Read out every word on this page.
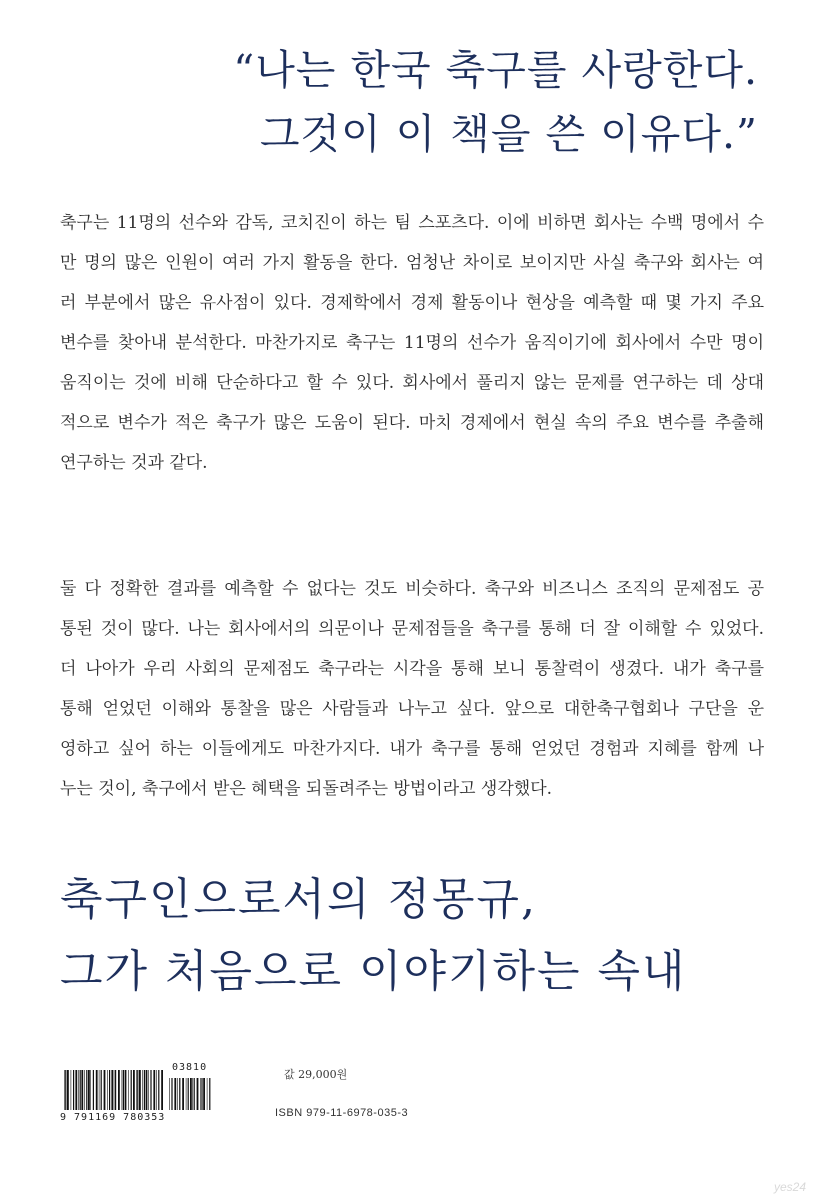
“나는 한국 축구를 사랑한다.
그것이 이 책을 쓴 이유다.”
축구는 11명의 선수와 감독, 코치진이 하는 팀 스포츠다. 이에 비하면 회사는 수백 명에서 수
만 명의 많은 인원이 여러 가지 활동을 한다. 엄청난 차이로 보이지만 사실 축구와 회사는 여
러 부분에서 많은 유사점이 있다. 경제학에서 경제 활동이나 현상을 예측할 때 몇 가지 주요
변수를 찾아내 분석한다. 마찬가지로 축구는 11명의 선수가 움직이기에 회사에서 수만 명이
움직이는 것에 비해 단순하다고 할 수 있다. 회사에서 풀리지 않는 문제를 연구하는 데 상대
적으로 변수가 적은 축구가 많은 도움이 된다. 마치 경제에서 현실 속의 주요 변수를 추출해
연구하는 것과 같다.
둘 다 정확한 결과를 예측할 수 없다는 것도 비슷하다. 축구와 비즈니스 조직의 문제점도 공
통된 것이 많다. 나는 회사에서의 의문이나 문제점들을 축구를 통해 더 잘 이해할 수 있었다.
더 나아가 우리 사회의 문제점도 축구라는 시각을 통해 보니 통찰력이 생겼다. 내가 축구를
통해 얻었던 이해와 통찰을 많은 사람들과 나누고 싶다. 앞으로 대한축구협회나 구단을 운
영하고 싶어 하는 이들에게도 마찬가지다. 내가 축구를 통해 얻었던 경험과 지혜를 함께 나
누는 것이, 축구에서 받은 혜택을 되돌려주는 방법이라고 생각했다.
축구인으로서의 정몽규,
그가 처음으로 이야기하는 속내
03810
9 791169 780353
값 29,000원
ISBN 979-11-6978-035-3
yes24
